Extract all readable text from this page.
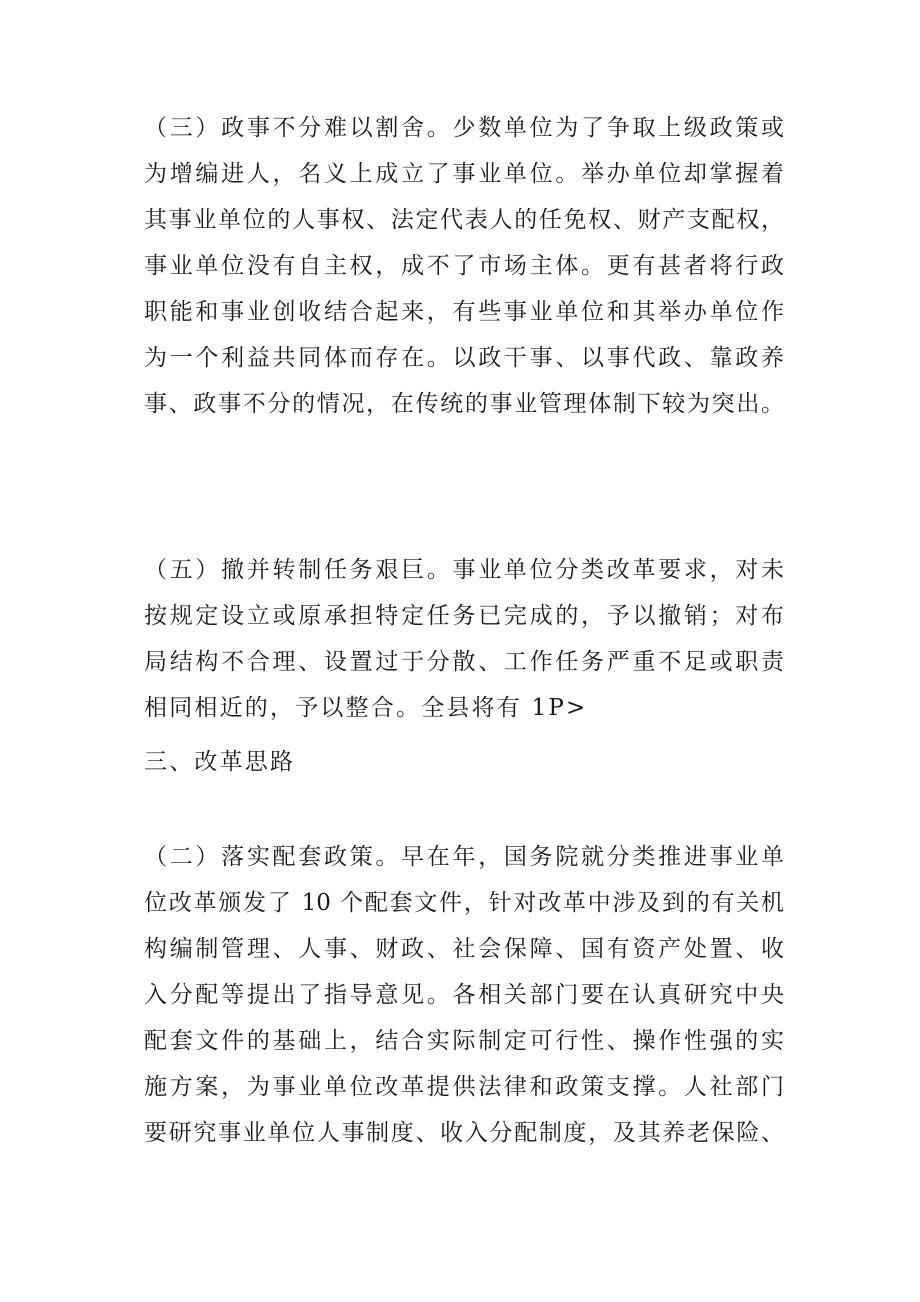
（三）政事不分难以割舍。少数单位为了争取上级政策或
为增编进人，名义上成立了事业单位。举办单位却掌握着
其事业单位的人事权、法定代表人的任免权、财产支配权，
事业单位没有自主权，成不了市场主体。更有甚者将行政
职能和事业创收结合起来，有些事业单位和其举办单位作
为一个利益共同体而存在。以政干事、以事代政、靠政养
事、政事不分的情况，在传统的事业管理体制下较为突出。
（五）撤并转制任务艰巨。事业单位分类改革要求，对未
按规定设立或原承担特定任务已完成的，予以撤销；对布
局结构不合理、设置过于分散、工作任务严重不足或职责
相同相近的，予以整合。全县将有 1P>
三、改革思路
（二）落实配套政策。早在年，国务院就分类推进事业单
位改革颁发了 10 个配套文件，针对改革中涉及到的有关机
构编制管理、人事、财政、社会保障、国有资产处置、收
入分配等提出了指导意见。各相关部门要在认真研究中央
配套文件的基础上，结合实际制定可行性、操作性强的实
施方案，为事业单位改革提供法律和政策支撑。人社部门
要研究事业单位人事制度、收入分配制度，及其养老保险、
